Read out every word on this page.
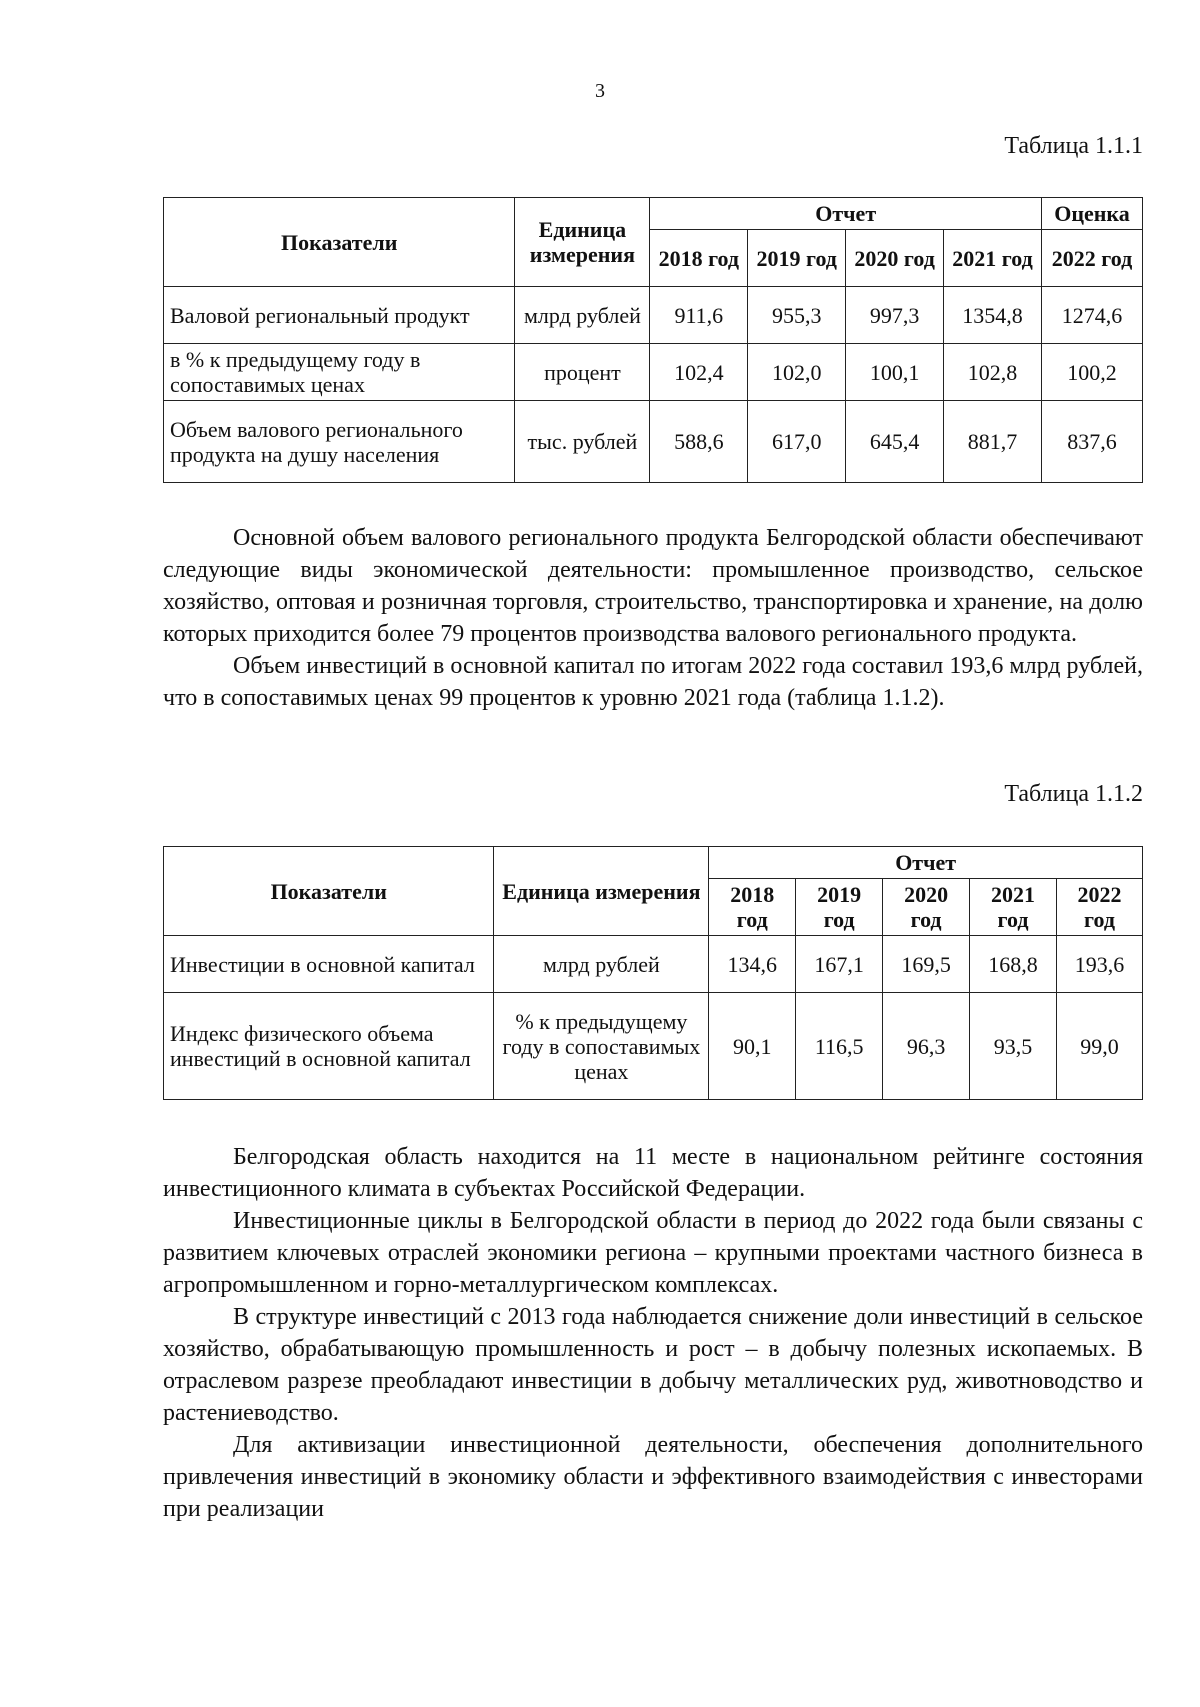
3
Таблица 1.1.1
Показатели	Единица измерения	Отчет				Оценка
		2018 год	2019 год	2020 год	2021 год	2022 год
Валовой региональный продукт	млрд рублей	911,6	955,3	997,3	1354,8	1274,6
в % к предыдущему году в сопоставимых ценах	процент	102,4	102,0	100,1	102,8	100,2
Объем валового регионального продукта на душу населения	тыс. рублей	588,6	617,0	645,4	881,7	837,6

Основной объем валового регионального продукта Белгородской области обеспечивают следующие виды экономической деятельности: промышленное производство, сельское хозяйство, оптовая и розничная торговля, строительство, транспортировка и хранение, на долю которых приходится более 79 процентов производства валового регионального продукта.

Объем инвестиций в основной капитал по итогам 2022 года составил 193,6 млрд рублей, что в сопоставимых ценах 99 процентов к уровню 2021 года (таблица 1.1.2).

Таблица 1.1.2
Показатели	Единица измерения	Отчет				
		2018 год	2019 год	2020 год	2021 год	2022 год
Инвестиции в основной капитал	млрд рублей	134,6	167,1	169,5	168,8	193,6
Индекс физического объема инвестиций в основной капитал	% к предыдущему году в сопоставимых ценах	90,1	116,5	96,3	93,5	99,0

Белгородская область находится на 11 месте в национальном рейтинге состояния инвестиционного климата в субъектах Российской Федерации.

Инвестиционные циклы в Белгородской области в период до 2022 года были связаны с развитием ключевых отраслей экономики региона – крупными проектами частного бизнеса в агропромышленном и горно-металлургическом комплексах.

В структуре инвестиций с 2013 года наблюдается снижение доли инвестиций в сельское хозяйство, обрабатывающую промышленность и рост – в добычу полезных ископаемых. В отраслевом разрезе преобладают инвестиции в добычу металлических руд, животноводство и растениеводство.

Для активизации инвестиционной деятельности, обеспечения дополнительного привлечения инвестиций в экономику области и эффективного взаимодействия с инвесторами при реализации
